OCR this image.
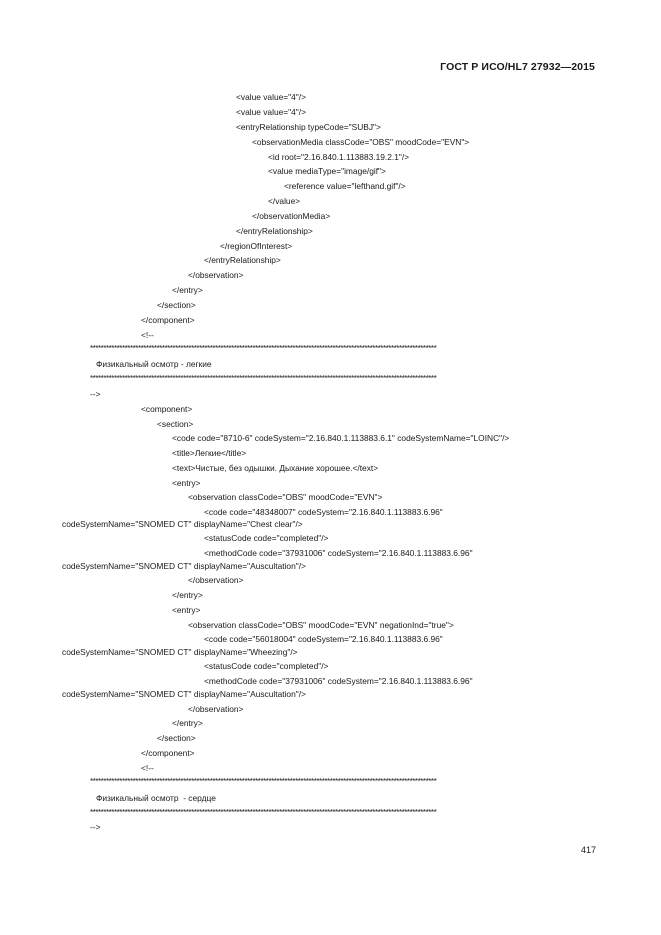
ГОСТ Р ИСО/HL7 27932—2015
<value value="4"/>
<value value="4"/>
<entryRelationship typeCode="SUBJ">
<observationMedia classCode="OBS" moodCode="EVN">
<id root="2.16.840.1.113883.19.2.1"/>
<value mediaType="image/gif">
<reference value="lefthand.gif"/>
</value>
</observationMedia>
</entryRelationship>
</regionOfInterest>
</entryRelationship>
</observation>
</entry>
</section>
</component>
<!--
**********************************************************************************************************************************
Физикальный осмотр - легкие
**********************************************************************************************************************************
-->
<component>
<section>
<code code="8710-6" codeSystem="2.16.840.1.113883.6.1" codeSystemName="LOINC"/>
<title>Легкие</title>
<text>Чистые, без одышки. Дыхание хорошее.</text>
<entry>
<observation classCode="OBS" moodCode="EVN">
<code code="48348007" codeSystem="2.16.840.1.113883.6.96"
codeSystemName="SNOMED CT" displayName="Chest clear"/>
<statusCode code="completed"/>
<methodCode code="37931006" codeSystem="2.16.840.1.113883.6.96"
codeSystemName="SNOMED CT" displayName="Auscultation"/>
</observation>
</entry>
<entry>
<observation classCode="OBS" moodCode="EVN" negationInd="true">
<code code="56018004" codeSystem="2.16.840.1.113883.6.96"
codeSystemName="SNOMED CT" displayName="Wheezing"/>
<statusCode code="completed"/>
<methodCode code="37931006" codeSystem="2.16.840.1.113883.6.96"
codeSystemName="SNOMED CT" displayName="Auscultation"/>
</observation>
</entry>
</section>
</component>
<!--
**********************************************************************************************************************************
Физикальный осмотр  - сердце
**********************************************************************************************************************************
-->
417
